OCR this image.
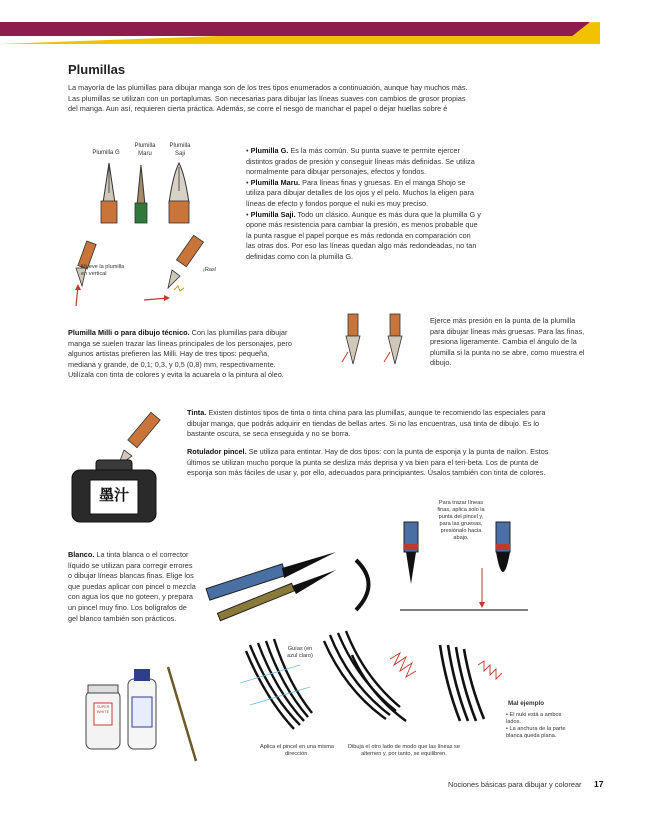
Plumillas
La mayoría de las plumillas para dibujar manga son de los tres tipos enumerados a continuación, aunque hay muchos más. Las plumillas se utilizan con un portaplumas. Son necesarias para dibujar las líneas suaves con cambios de grosor propias del manga. Aun así, requieren cierta práctica. Además, se corre el riesgo de manchar el papel o dejar huellas sobre é
Plumilla G
Plumilla Maru
Plumilla Saji	• Plumilla G. Es la más común. Su punta suave te permite ejercer distintos grados de presión y conseguir líneas más definidas. Se utiliza normalmente para dibujar personajes, efectos y fondos.
• Plumilla Maru. Para líneas finas y gruesas. En el manga Shojo se utiliza para dibujar detalles de los ojos y el pelo. Muchos la eligen para líneas de efecto y fondos porque el nuki es muy preciso.
• Plumilla Saji. Todo un clásico. Aunque es más dura que la plumilla G y opone más resistencia para cambiar la presión, es menos probable que la punta rasgue el papel porque es más redonda en comparación con las otras dos. Por eso las líneas quedan algo más redondeadas, no tan definidas como con la plumilla G.
Mueve la plumilla en vertical
¡Ras!
Ejerce más presión en la punta de la plumilla para dibujar líneas más gruesas. Para las finas, presiona ligeramente. Cambia el ángulo de la plumilla si la punta no se abre, como muestra el dibujo.
Plumilla Milli o para dibujo técnico. Con las plumillas para dibujar manga se suelen trazar las líneas principales de los personajes, pero algunos artistas prefieren las Milli. Hay de tres tipos: pequeña, mediana y grande, de 0,1; 0,3, y 0,5 (0,8) mm, respectivamente. Utilízala con tinta de colores y evita la acuarela o la pintura al óleo.
Tinta. Existen distintos tipos de tinta o tinta china para las plumillas, aunque te recomiendo las especiales para dibujar manga, que podrás adquirir en tiendas de bellas artes. Si no las encuentras, usa tinta de dibujo. Es lo bastante oscura, se seca enseguida y no se borra.
Rotulador pincel. Se utiliza para entintar. Hay de dos tipos: con la punta de esponja y la punta de nailon. Estos últimos se utilizan mucho porque la punta se desliza más deprisa y va bien para el teri-beta. Los de punta de esponja son más fáciles de usar y, por ello, adecuados para principiantes. Úsalos también con tinta de colores.
墨汁	Para trazar líneas finas, aplica solo la punta del pincel y, para las gruesas, presiónalo hacia abajo.
Blanco. La tinta blanca o el corrector líquido se utilizan para corregir errores o dibujar líneas blancas finas. Elige los que puedas aplicar con pincel o mezcla con agua los que no goteen, y prepara un pincel muy fino. Los bolígrafos de gel blanco también son prácticos.
Guías (en azul claro)
SUPER WHITE
Aplica el pincel en una misma dirección.
Dibuja el otro lado de modo que las líneas se alternen y, por tanto, se equilibren.
Mal ejemplo
• El nuki está a ambos lados.
• La anchura de la parte blanca queda plana.
Nociones básicas para dibujar y colorear 17
